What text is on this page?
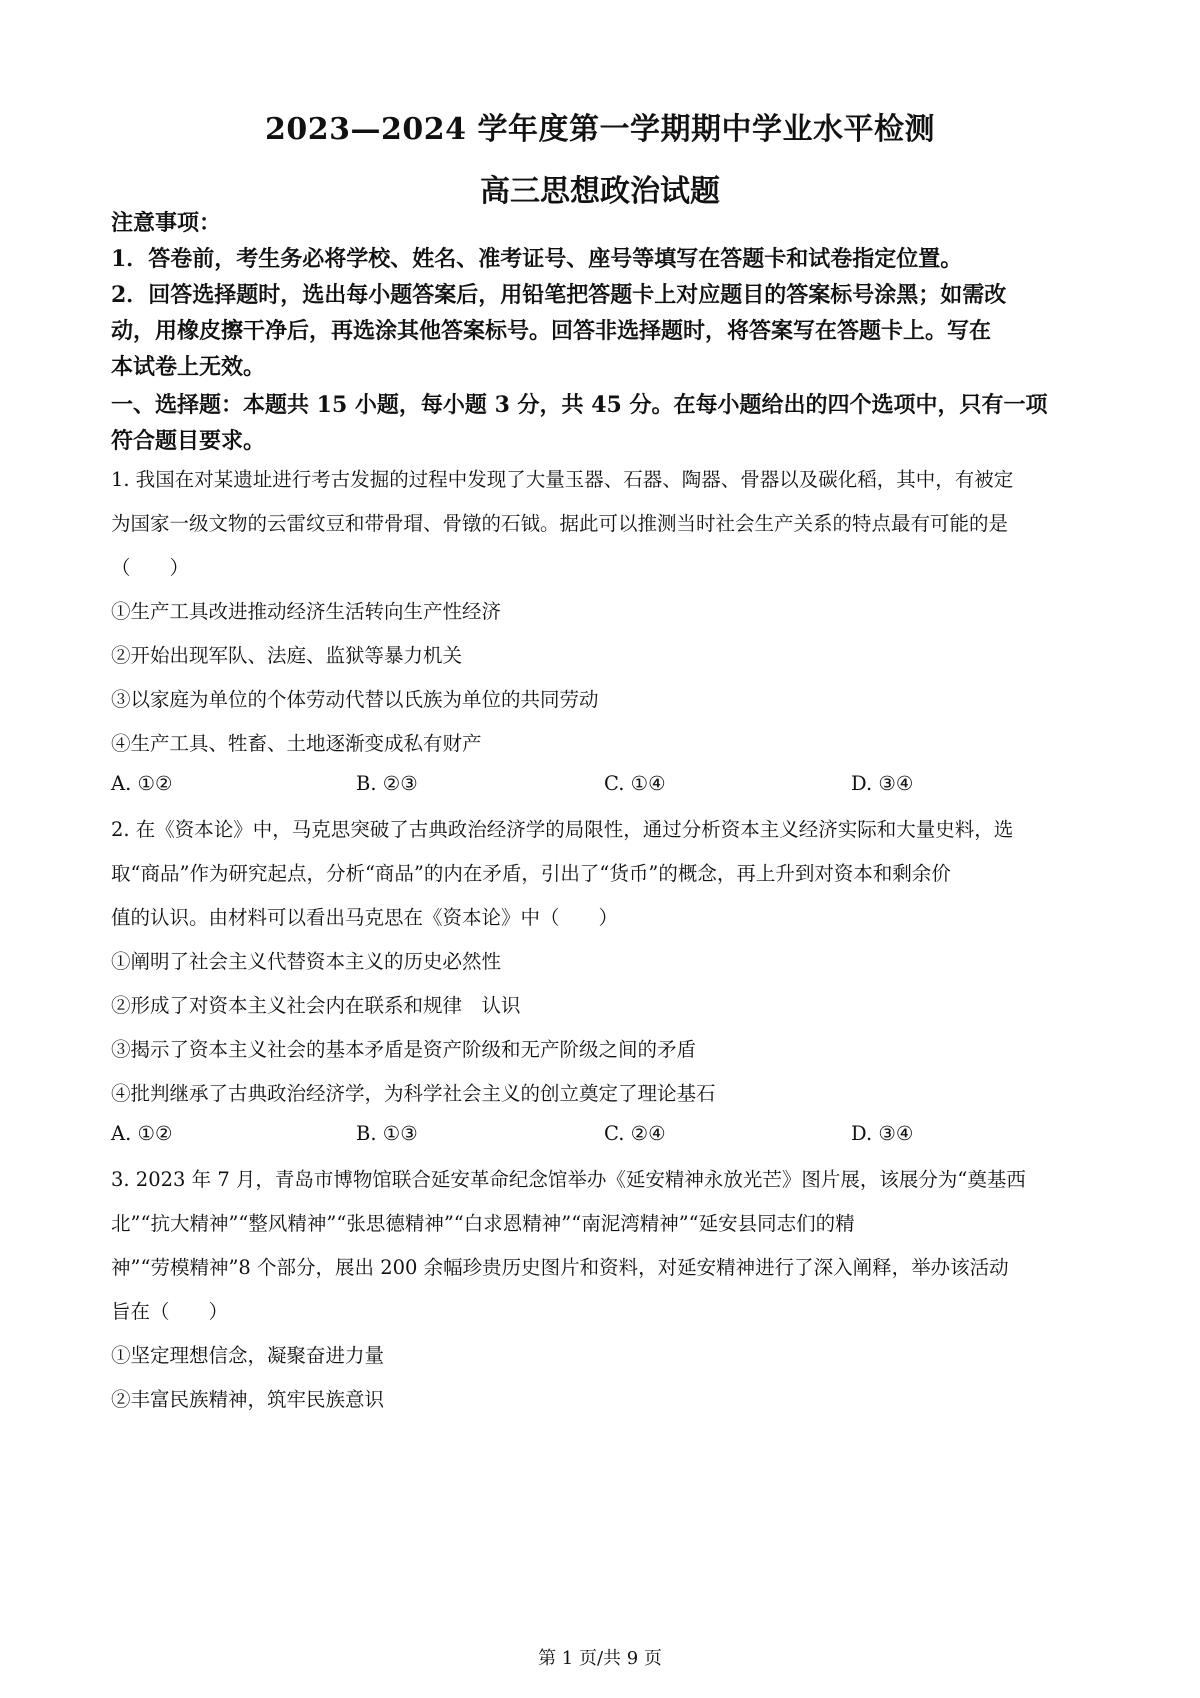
2023—2024 学年度第一学期期中学业水平检测
高三思想政治试题
注意事项：
1．答卷前，考生务必将学校、姓名、准考证号、座号等填写在答题卡和试卷指定位置。
2．回答选择题时，选出每小题答案后，用铅笔把答题卡上对应题目的答案标号涂黑；如需改
动，用橡皮擦干净后，再选涂其他答案标号。回答非选择题时，将答案写在答题卡上。写在
本试卷上无效。
一、选择题：本题共 15 小题，每小题 3 分，共 45 分。在每小题给出的四个选项中，只有一项
符合题目要求。
1. 我国在对某遗址进行考古发掘的过程中发现了大量玉器、石器、陶器、骨器以及碳化稻，其中，有被定
为国家一级文物的云雷纹豆和带骨瑁、骨镦的石钺。据此可以推测当时社会生产关系的特点最有可能的是
（　　）
①生产工具改进推动经济生活转向生产性经济
②开始出现军队、法庭、监狱等暴力机关
③以家庭为单位的个体劳动代替以氏族为单位的共同劳动
④生产工具、牲畜、土地逐渐变成私有财产
A. ①②	B. ②③	C. ①④	D. ③④
2. 在《资本论》中，马克思突破了古典政治经济学的局限性，通过分析资本主义经济实际和大量史料，选
取“商品”作为研究起点，分析“商品”的内在矛盾，引出了“货币”的概念，再上升到对资本和剩余价
值的认识。由材料可以看出马克思在《资本论》中（　　）
①阐明了社会主义代替资本主义的历史必然性
②形成了对资本主义社会内在联系和规律　认识
③揭示了资本主义社会的基本矛盾是资产阶级和无产阶级之间的矛盾
④批判继承了古典政治经济学，为科学社会主义的创立奠定了理论基石
A. ①②	B. ①③	C. ②④	D. ③④
3. 2023 年 7 月，青岛市博物馆联合延安革命纪念馆举办《延安精神永放光芒》图片展，该展分为“奠基西
北”“抗大精神”“整风精神”“张思德精神”“白求恩精神”“南泥湾精神”“延安县同志们的精
神”“劳模精神”8 个部分，展出 200 余幅珍贵历史图片和资料，对延安精神进行了深入阐释，举办该活动
旨在（　　）
①坚定理想信念，凝聚奋进力量
②丰富民族精神，筑牢民族意识
第 1 页/共 9 页
